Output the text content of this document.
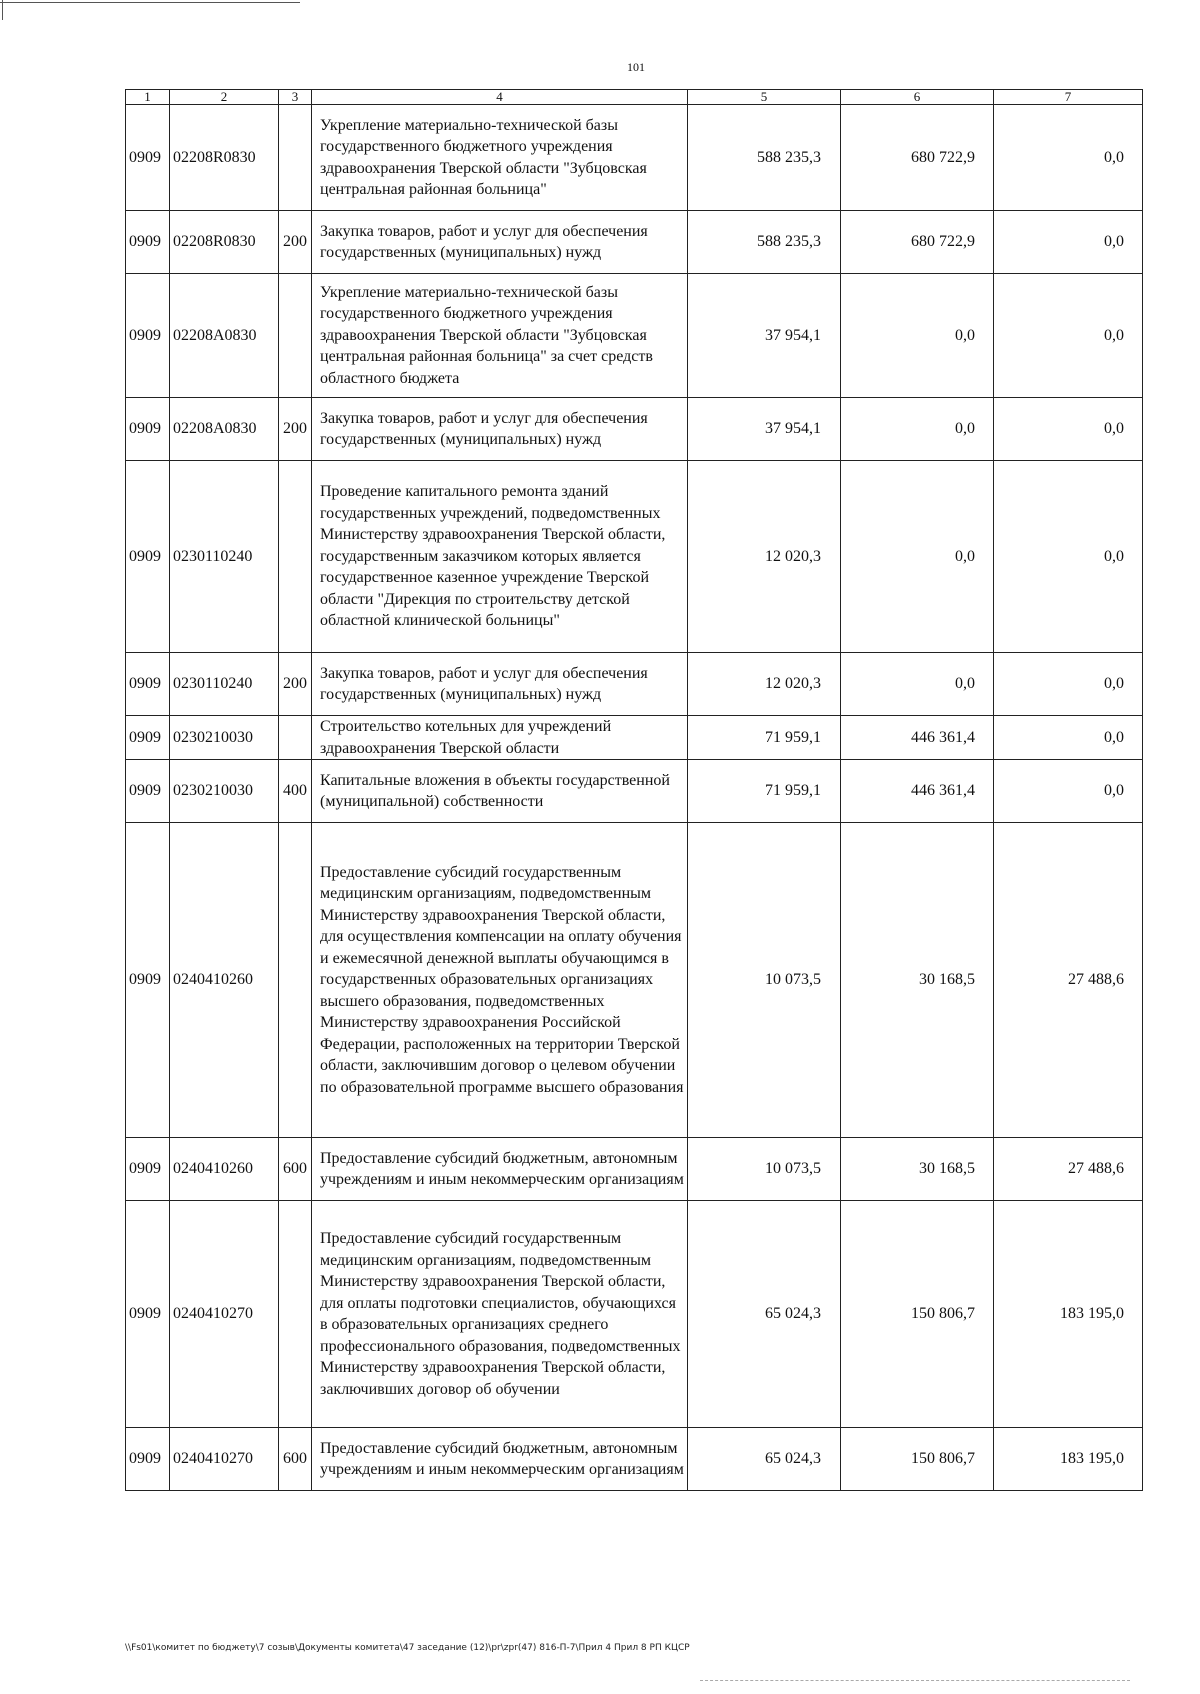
101
1	2	3	4	5	6	7
0909	02208R0830		Укрепление материально-технической базы государственного бюджетного учреждения здравоохранения Тверской области "Зубцовская центральная районная больница"	588 235,3	680 722,9	0,0
0909	02208R0830	200	Закупка товаров, работ и услуг для обеспечения государственных (муниципальных) нужд	588 235,3	680 722,9	0,0
0909	02208A0830		Укрепление материально-технической базы государственного бюджетного учреждения здравоохранения Тверской области "Зубцовская центральная районная больница" за счет средств областного бюджета	37 954,1	0,0	0,0
0909	02208A0830	200	Закупка товаров, работ и услуг для обеспечения государственных (муниципальных) нужд	37 954,1	0,0	0,0
0909	0230110240		Проведение капитального ремонта зданий государственных учреждений, подведомственных Министерству здравоохранения Тверской области, государственным заказчиком которых является государственное казенное учреждение Тверской области "Дирекция по строительству детской областной клинической больницы"	12 020,3	0,0	0,0
0909	0230110240	200	Закупка товаров, работ и услуг для обеспечения государственных (муниципальных) нужд	12 020,3	0,0	0,0
0909	0230210030		Строительство котельных для учреждений здравоохранения Тверской области	71 959,1	446 361,4	0,0
0909	0230210030	400	Капитальные вложения в объекты государственной (муниципальной) собственности	71 959,1	446 361,4	0,0
0909	0240410260		Предоставление субсидий государственным медицинским организациям, подведомственным Министерству здравоохранения Тверской области, для осуществления компенсации на оплату обучения и ежемесячной денежной выплаты обучающимся в государственных образовательных организациях высшего образования, подведомственных Министерству здравоохранения Российской Федерации, расположенных на территории Тверской области, заключившим договор о целевом обучении по образовательной программе высшего образования	10 073,5	30 168,5	27 488,6
0909	0240410260	600	Предоставление субсидий бюджетным, автономным учреждениям и иным некоммерческим организациям	10 073,5	30 168,5	27 488,6
0909	0240410270		Предоставление субсидий государственным медицинским организациям, подведомственным Министерству здравоохранения Тверской области, для оплаты подготовки специалистов, обучающихся в образовательных организациях среднего профессионального образования, подведомственных Министерству здравоохранения Тверской области, заключивших договор об обучении	65 024,3	150 806,7	183 195,0
0909	0240410270	600	Предоставление субсидий бюджетным, автономным учреждениям и иным некоммерческим организациям	65 024,3	150 806,7	183 195,0
\\Fs01\комитет по бюджету\7 созыв\Документы комитета\47 заседание (12)\pr\zpr(47) 816-П-7\Прил 4 Прил 8 РП КЦСР
